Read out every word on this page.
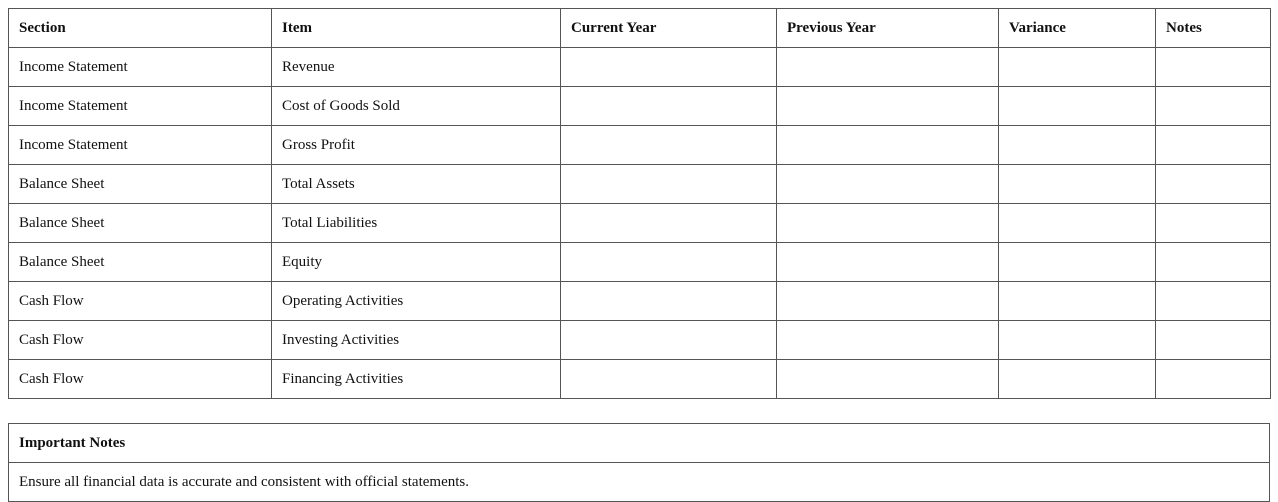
Section	Item	Current Year	Previous Year	Variance	Notes
Income Statement	Revenue				
Income Statement	Cost of Goods Sold				
Income Statement	Gross Profit				
Balance Sheet	Total Assets				
Balance Sheet	Total Liabilities				
Balance Sheet	Equity				
Cash Flow	Operating Activities				
Cash Flow	Investing Activities				
Cash Flow	Financing Activities				
Important Notes
Ensure all financial data is accurate and consistent with official statements.
